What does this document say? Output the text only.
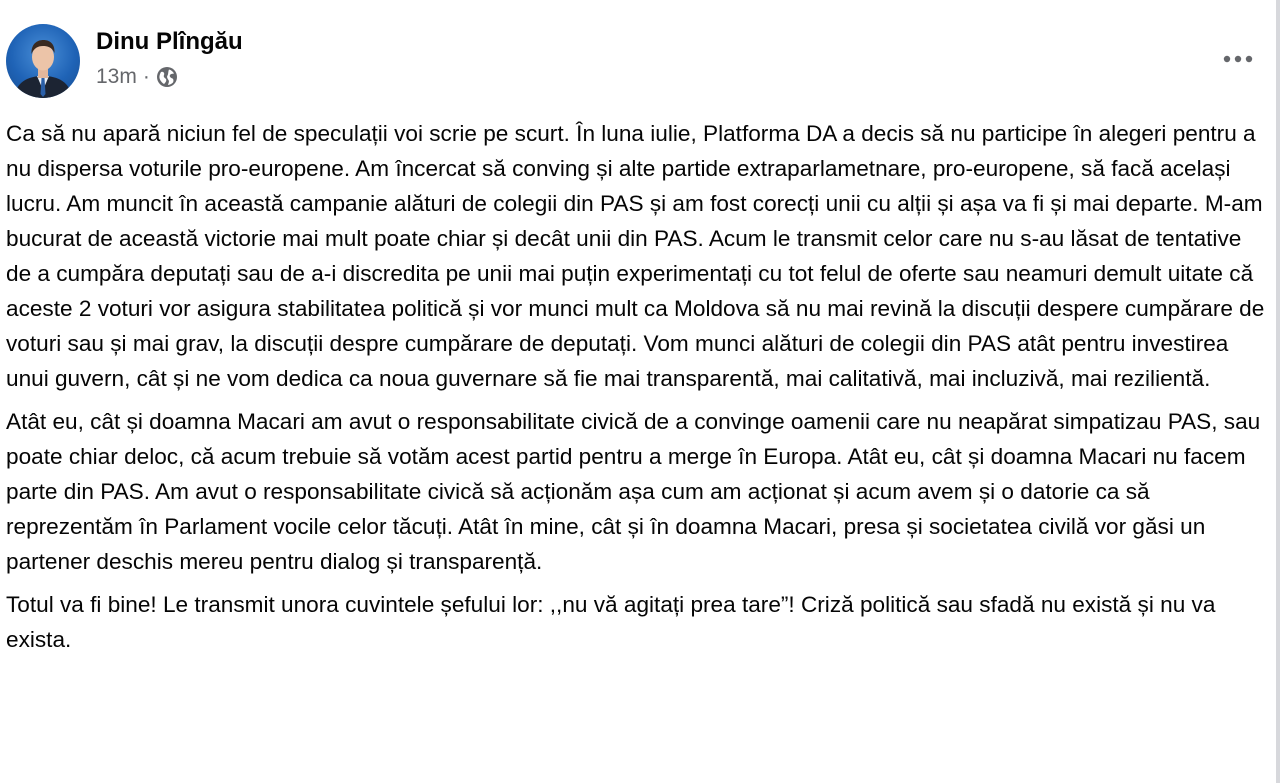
Dinu Plîngău
13m ·

Ca să nu apară niciun fel de speculații voi scrie pe scurt. În luna iulie, Platforma DA a decis să nu participe în alegeri pentru a nu dispersa voturile pro-europene. Am încercat să conving și alte partide extraparlametnare, pro-europene, să facă același lucru. Am muncit în această campanie alături de colegii din PAS și am fost corecți unii cu alții și așa va fi și mai departe. M-am bucurat de această victorie mai mult poate chiar și decât unii din PAS. Acum le transmit celor care nu s-au lăsat de tentative de a cumpăra deputați sau de a-i discredita pe unii mai puțin experimentați cu tot felul de oferte sau neamuri demult uitate că aceste 2 voturi vor asigura stabilitatea politică și vor munci mult ca Moldova să nu mai revină la discuții despere cumpărare de voturi sau și mai grav, la discuții despre cumpărare de deputați. Vom munci alături de colegii din PAS atât pentru investirea unui guvern, cât și ne vom dedica ca noua guvernare să fie mai transparentă, mai calitativă, mai incluzivă, mai rezilientă.

Atât eu, cât și doamna Macari am avut o responsabilitate civică de a convinge oamenii care nu neapărat simpatizau PAS, sau poate chiar deloc, că acum trebuie să votăm acest partid pentru a merge în Europa. Atât eu, cât și doamna Macari nu facem parte din PAS. Am avut o responsabilitate civică să acționăm așa cum am acționat și acum avem și o datorie ca să reprezentăm în Parlament vocile celor tăcuți. Atât în mine, cât și în doamna Macari, presa și societatea civilă vor găsi un partener deschis mereu pentru dialog și transparență.

Totul va fi bine! Le transmit unora cuvintele șefului lor: ,,nu vă agitați prea tare”! Criză politică sau sfadă nu există și nu va exista.
